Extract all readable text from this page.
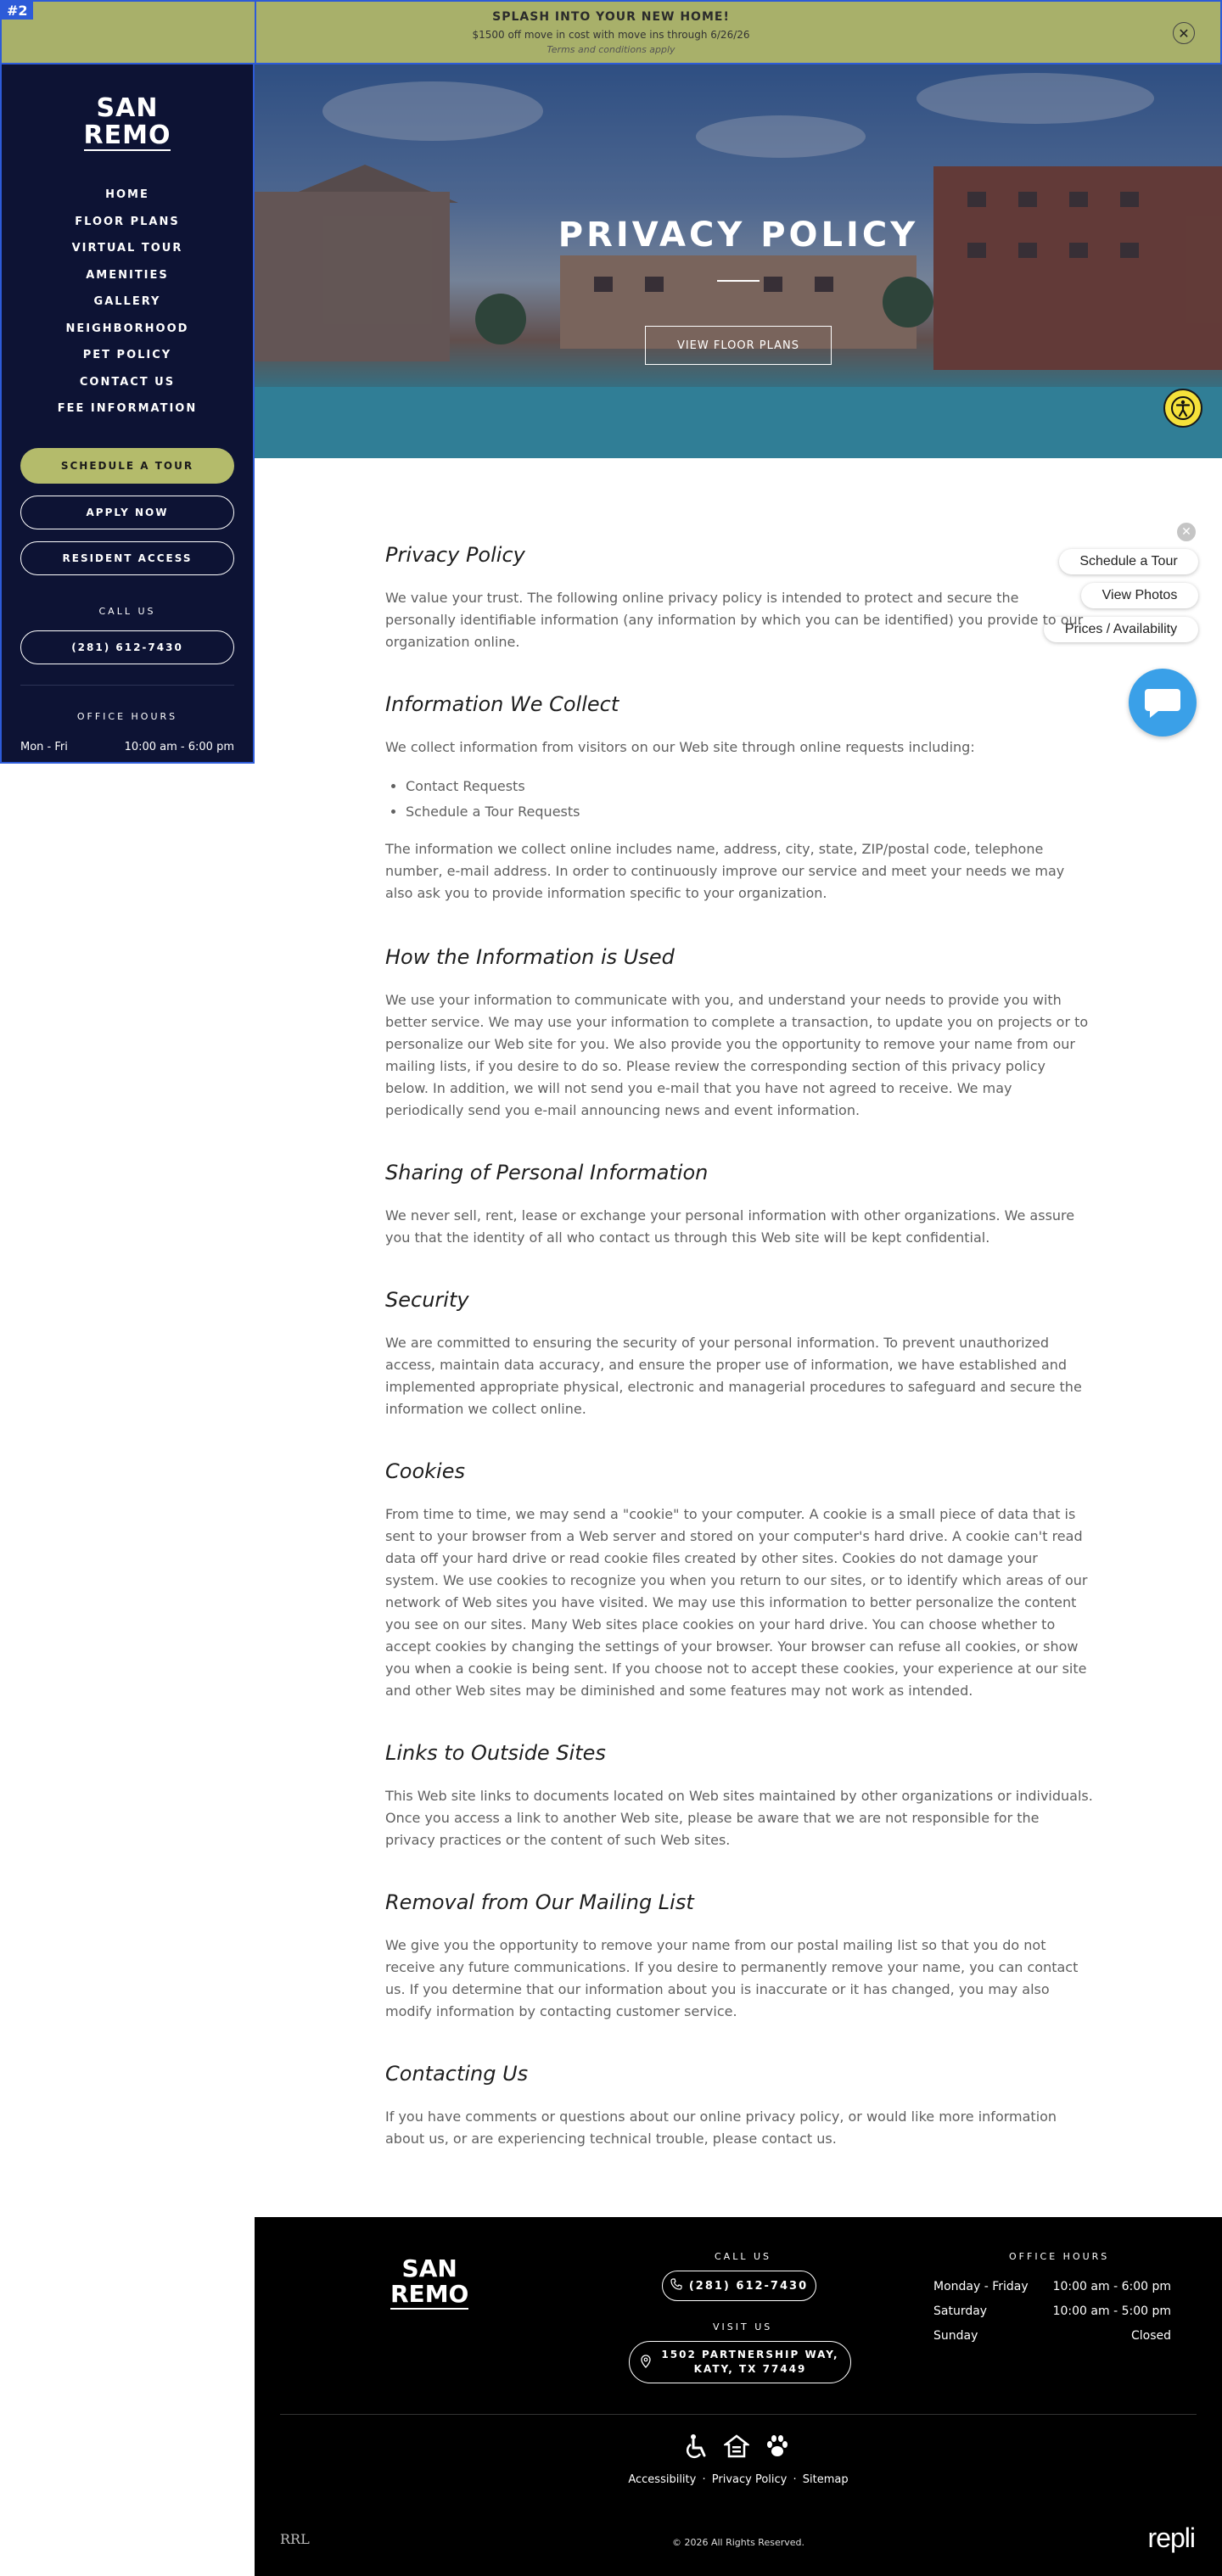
#2	SPLASH INTO YOUR NEW HOME!
$1500 off move in cost with move ins through 6/26/26
Terms and conditions apply
✕
SAN
REMO
HOME
FLOOR PLANS
VIRTUAL TOUR
AMENITIES
GALLERY
NEIGHBORHOOD
PET POLICY
CONTACT US
FEE INFORMATION
SCHEDULE A TOUR
APPLY NOW
RESIDENT ACCESS
CALL US
(281) 612-7430
OFFICE HOURS
Mon - Fri	10:00 am - 6:00 pm
PRIVACY POLICY
VIEW FLOOR PLANS
✕
Schedule a Tour
View Photos
Prices / Availability
Privacy Policy

We value your trust. The following online privacy policy is intended to protect and secure the personally identifiable information (any information by which you can be identified) you provide to our organization online.

Information We Collect

We collect information from visitors on our Web site through online requests including:

• Contact Requests
• Schedule a Tour Requests

The information we collect online includes name, address, city, state, ZIP/postal code, telephone number, e-mail address. In order to continuously improve our service and meet your needs we may also ask you to provide information specific to your organization.

How the Information is Used

We use your information to communicate with you, and understand your needs to provide you with better service. We may use your information to complete a transaction, to update you on projects or to personalize our Web site for you. We also provide you the opportunity to remove your name from our mailing lists, if you desire to do so. Please review the corresponding section of this privacy policy below. In addition, we will not send you e-mail that you have not agreed to receive. We may periodically send you e-mail announcing news and event information.

Sharing of Personal Information

We never sell, rent, lease or exchange your personal information with other organizations. We assure you that the identity of all who contact us through this Web site will be kept confidential.

Security

We are committed to ensuring the security of your personal information. To prevent unauthorized access, maintain data accuracy, and ensure the proper use of information, we have established and implemented appropriate physical, electronic and managerial procedures to safeguard and secure the information we collect online.

Cookies

From time to time, we may send a "cookie" to your computer. A cookie is a small piece of data that is sent to your browser from a Web server and stored on your computer's hard drive. A cookie can't read data off your hard drive or read cookie files created by other sites. Cookies do not damage your system. We use cookies to recognize you when you return to our sites, or to identify which areas of our network of Web sites you have visited. We may use this information to better personalize the content you see on our sites. Many Web sites place cookies on your hard drive. You can choose whether to accept cookies by changing the settings of your browser. Your browser can refuse all cookies, or show you when a cookie is being sent. If you choose not to accept these cookies, your experience at our site and other Web sites may be diminished and some features may not work as intended.

Links to Outside Sites

This Web site links to documents located on Web sites maintained by other organizations or individuals. Once you access a link to another Web site, please be aware that we are not responsible for the privacy practices or the content of such Web sites.

Removal from Our Mailing List

We give you the opportunity to remove your name from our postal mailing list so that you do not receive any future communications. If you desire to permanently remove your name, you can contact us. If you determine that our information about you is inaccurate or it has changed, you may also modify information by contacting customer service.

Contacting Us

If you have comments or questions about our online privacy policy, or would like more information about us, or are experiencing technical trouble, please contact us.

SAN
REMO
CALL US
(281) 612-7430
VISIT US
1502 PARTNERSHIP WAY,
KATY, TX 77449
OFFICE HOURS
Monday - Friday 10:00 am - 6:00 pm
Saturday	10:00 am - 5:00 pm
Sunday	Closed
Accessibility · Privacy Policy · Sitemap
RRL	© 2026 All Rights Reserved.	repli
